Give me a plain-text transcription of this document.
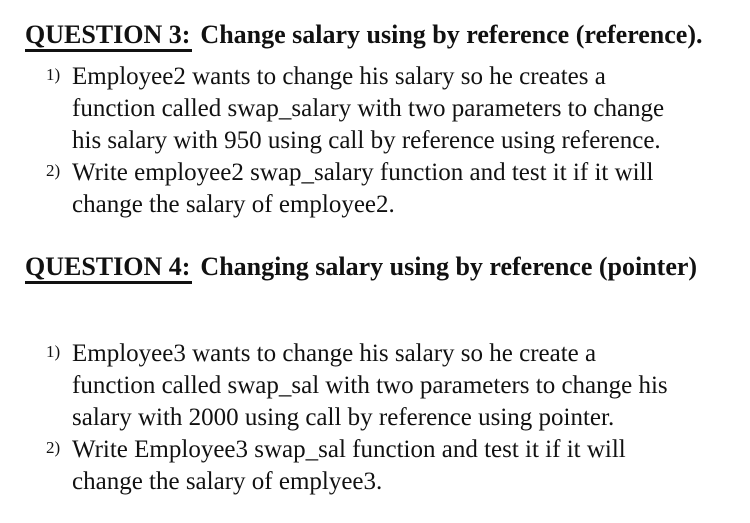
QUESTION 3: Change salary using by reference (reference).
1) Employee2 wants to change his salary so he creates a
function called swap_salary with two parameters to change
his salary with 950 using call by reference using reference.
2) Write employee2 swap_salary function and test it if it will
change the salary of employee2.
QUESTION 4: Changing salary using by reference (pointer)
1) Employee3 wants to change his salary so he create a
function called swap_sal with two parameters to change his
salary with 2000 using call by reference using pointer.
2) Write Employee3 swap_sal function and test it if it will
change the salary of emplyee3.
